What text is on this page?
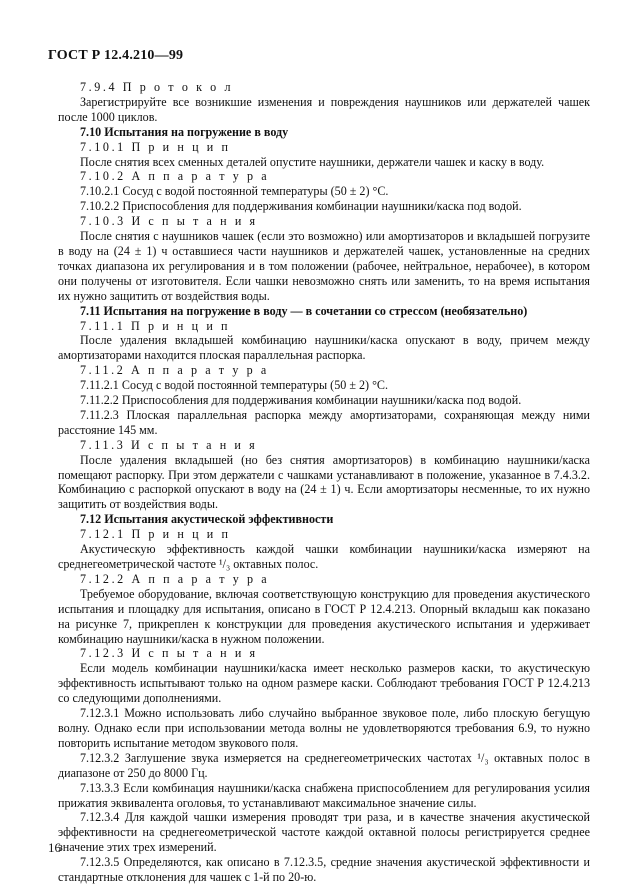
ГОСТ Р 12.4.210—99

7.9.4 П р о т о к о л

Зарегистрируйте все возникшие изменения и повреждения наушников или держателей чашек после 1000 циклов.

7.10 Испытания на погружение в воду

7.10.1 П р и н ц и п

После снятия всех сменных деталей опустите наушники, держатели чашек и каску в воду.

7.10.2 А п п а р а т у р а

7.10.2.1 Сосуд с водой постоянной температуры (50 ± 2) °С.

7.10.2.2 Приспособления для поддерживания комбинации наушники/каска под водой.

7.10.3 И с п ы т а н и я

После снятия с наушников чашек (если это возможно) или амортизаторов и вкладышей погрузите в воду на (24 ± 1) ч оставшиеся части наушников и держателей чашек, установленные на средних точках диапазона их регулирования и в том положении (рабочее, нейтральное, нерабочее), в котором они получены от изготовителя. Если чашки невозможно снять или заменить, то на время испытания их нужно защитить от воздействия воды.

7.11 Испытания на погружение в воду — в сочетании со стрессом (необязательно)

7.11.1 П р и н ц и п

После удаления вкладышей комбинацию наушники/каска опускают в воду, причем между амортизаторами находится плоская параллельная распорка.

7.11.2 А п п а р а т у р а

7.11.2.1 Сосуд с водой постоянной температуры (50 ± 2) °С.

7.11.2.2 Приспособления для поддерживания комбинации наушники/каска под водой.

7.11.2.3 Плоская параллельная распорка между амортизаторами, сохраняющая между ними расстояние 145 мм.

7.11.3 И с п ы т а н и я

После удаления вкладышей (но без снятия амортизаторов) в комбинацию наушники/каска помещают распорку. При этом держатели с чашками устанавливают в положение, указанное в 7.4.3.2. Комбинацию с распоркой опускают в воду на (24 ± 1) ч. Если амортизаторы несменные, то их нужно защитить от воздействия воды.

7.12 Испытания акустической эффективности

7.12.1 П р и н ц и п

Акустическую эффективность каждой чашки комбинации наушники/каска измеряют на среднегеометрической частоте ¹/₃ октавных полос.

7.12.2 А п п а р а т у р а

Требуемое оборудование, включая соответствующую конструкцию для проведения акустического испытания и площадку для испытания, описано в ГОСТ Р 12.4.213. Опорный вкладыш как показано на рисунке 7, прикреплен к конструкции для проведения акустического испытания и удерживает комбинацию наушники/каска в нужном положении.

7.12.3 И с п ы т а н и я

Если модель комбинации наушники/каска имеет несколько размеров каски, то акустическую эффективность испытывают только на одном размере каски. Соблюдают требования ГОСТ Р 12.4.213 со следующими дополнениями.

7.12.3.1 Можно использовать либо случайно выбранное звуковое поле, либо плоскую бегущую волну. Однако если при использовании метода волны не удовлетворяются требования 6.9, то нужно повторить испытание методом звукового поля.

7.12.3.2 Заглушение звука измеряется на среднегеометрических частотах ¹/₃ октавных полос в диапазоне от 250 до 8000 Гц.

7.13.3.3 Если комбинация наушники/каска снабжена приспособлением для регулирования усилия прижатия эквивалента оголовья, то устанавливают максимальное значение силы.

7.12.3.4 Для каждой чашки измерения проводят три раза, и в качестве значения акустической эффективности на среднегеометрической частоте каждой октавной полосы регистрируется среднее значение этих трех измерений.

7.12.3.5 Определяются, как описано в 7.12.3.5, средние значения акустической эффективности и стандартные отклонения для чашек с 1-й по 20-ю.

16
